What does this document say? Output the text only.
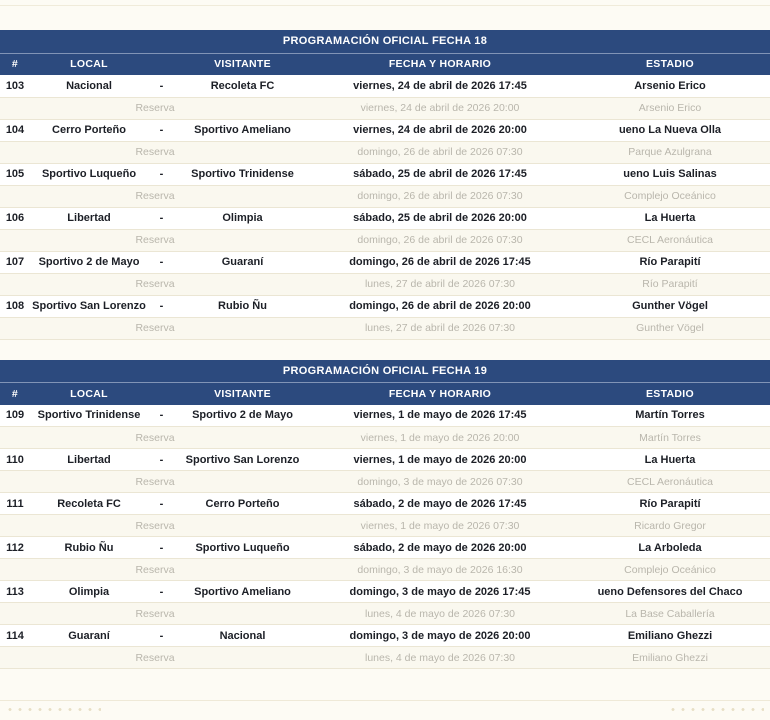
PROGRAMACIÓN OFICIAL FECHA 18					
#	LOCAL		VISITANTE	FECHA Y HORARIO	ESTADIO
103	Nacional	-	Recoleta FC	viernes, 24 de abril de 2026 17:45	Arsenio Erico
Reserva				viernes, 24 de abril de 2026 20:00	Arsenio Erico
104	Cerro Porteño	-	Sportivo Ameliano	viernes, 24 de abril de 2026 20:00	ueno La Nueva Olla
Reserva				domingo, 26 de abril de 2026 07:30	Parque Azulgrana
105	Sportivo Luqueño	-	Sportivo Trinidense	sábado, 25 de abril de 2026 17:45	ueno Luis Salinas
Reserva				domingo, 26 de abril de 2026 07:30	Complejo Oceánico
106	Libertad	-	Olimpia	sábado, 25 de abril de 2026 20:00	La Huerta
Reserva				domingo, 26 de abril de 2026 07:30	CECL Aeronáutica
107	Sportivo 2 de Mayo	-	Guaraní	domingo, 26 de abril de 2026 17:45	Río Parapití
Reserva				lunes, 27 de abril de 2026 07:30	Río Parapití
108	Sportivo San Lorenzo	-	Rubio Ñu	domingo, 26 de abril de 2026 20:00	Gunther Vögel
Reserva				lunes, 27 de abril de 2026 07:30	Gunther Vögel
PROGRAMACIÓN OFICIAL FECHA 19					
#	LOCAL		VISITANTE	FECHA Y HORARIO	ESTADIO
109	Sportivo Trinidense	-	Sportivo 2 de Mayo	viernes, 1 de mayo de 2026 17:45	Martín Torres
Reserva				viernes, 1 de mayo de 2026 20:00	Martín Torres
110	Libertad	-	Sportivo San Lorenzo	viernes, 1 de mayo de 2026 20:00	La Huerta
Reserva				domingo, 3 de mayo de 2026 07:30	CECL Aeronáutica
111	Recoleta FC	-	Cerro Porteño	sábado, 2 de mayo de 2026 17:45	Río Parapití
Reserva				viernes, 1 de mayo de 2026 07:30	Ricardo Gregor
112	Rubio Ñu	-	Sportivo Luqueño	sábado, 2 de mayo de 2026 20:00	La Arboleda
Reserva				domingo, 3 de mayo de 2026 16:30	Complejo Oceánico
113	Olimpia	-	Sportivo Ameliano	domingo, 3 de mayo de 2026 17:45	ueno Defensores del Chaco
Reserva				lunes, 4 de mayo de 2026 07:30	La Base Caballería
114	Guaraní	-	Nacional	domingo, 3 de mayo de 2026 20:00	Emiliano Ghezzi
Reserva				lunes, 4 de mayo de 2026 07:30	Emiliano Ghezzi
